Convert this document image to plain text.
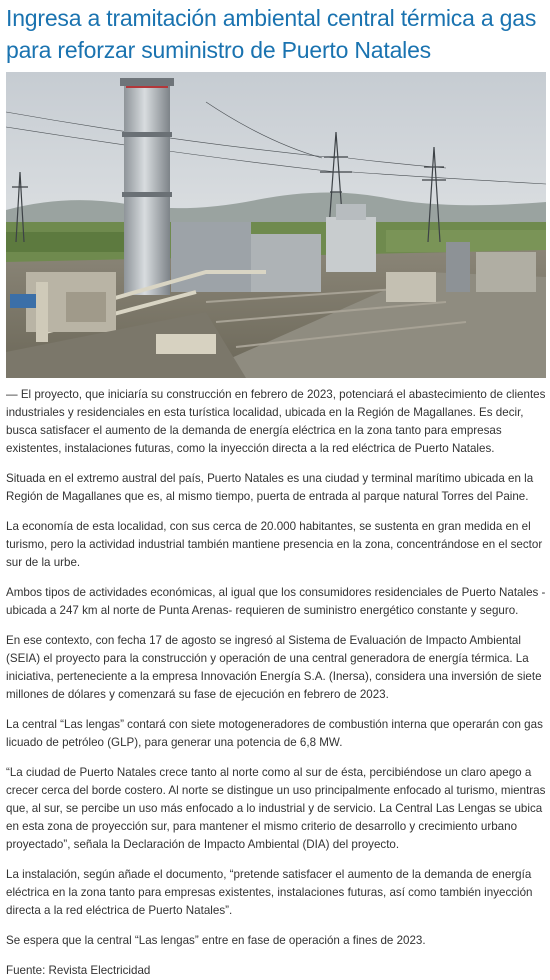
Ingresa a tramitación ambiental central térmica a gas para reforzar suministro de Puerto Natales

— El proyecto, que iniciaría su construcción en febrero de 2023, potenciará el abastecimiento de clientes industriales y residenciales en esta turística localidad, ubicada en la Región de Magallanes. Es decir, busca satisfacer el aumento de la demanda de energía eléctrica en la zona tanto para empresas existentes, instalaciones futuras, como la inyección directa a la red eléctrica de Puerto Natales.

Situada en el extremo austral del país, Puerto Natales es una ciudad y terminal marítimo ubicada en la Región de Magallanes que es, al mismo tiempo, puerta de entrada al parque natural Torres del Paine.

La economía de esta localidad, con sus cerca de 20.000 habitantes, se sustenta en gran medida en el turismo, pero la actividad industrial también mantiene presencia en la zona, concentrándose en el sector sur de la urbe.

Ambos tipos de actividades económicas, al igual que los consumidores residenciales de Puerto Natales -ubicada a 247 km al norte de Punta Arenas- requieren de suministro energético constante y seguro.

En ese contexto, con fecha 17 de agosto se ingresó al Sistema de Evaluación de Impacto Ambiental (SEIA) el proyecto para la construcción y operación de una central generadora de energía térmica. La iniciativa, perteneciente a la empresa Innovación Energía S.A. (Inersa), considera una inversión de siete millones de dólares y comenzará su fase de ejecución en febrero de 2023.

La central “Las lengas” contará con siete motogeneradores de combustión interna que operarán con gas licuado de petróleo (GLP), para generar una potencia de 6,8 MW.

“La ciudad de Puerto Natales crece tanto al norte como al sur de ésta, percibiéndose un claro apego a crecer cerca del borde costero. Al norte se distingue un uso principalmente enfocado al turismo, mientras que, al sur, se percibe un uso más enfocado a lo industrial y de servicio. La Central Las Lengas se ubica en esta zona de proyección sur, para mantener el mismo criterio de desarrollo y crecimiento urbano proyectado”, señala la Declaración de Impacto Ambiental (DIA) del proyecto.

La instalación, según añade el documento, “pretende satisfacer el aumento de la demanda de energía eléctrica en la zona tanto para empresas existentes, instalaciones futuras, así como también inyección directa a la red eléctrica de Puerto Natales”.

Se espera que la central “Las lengas” entre en fase de operación a fines de 2023.

Fuente: Revista Electricidad
